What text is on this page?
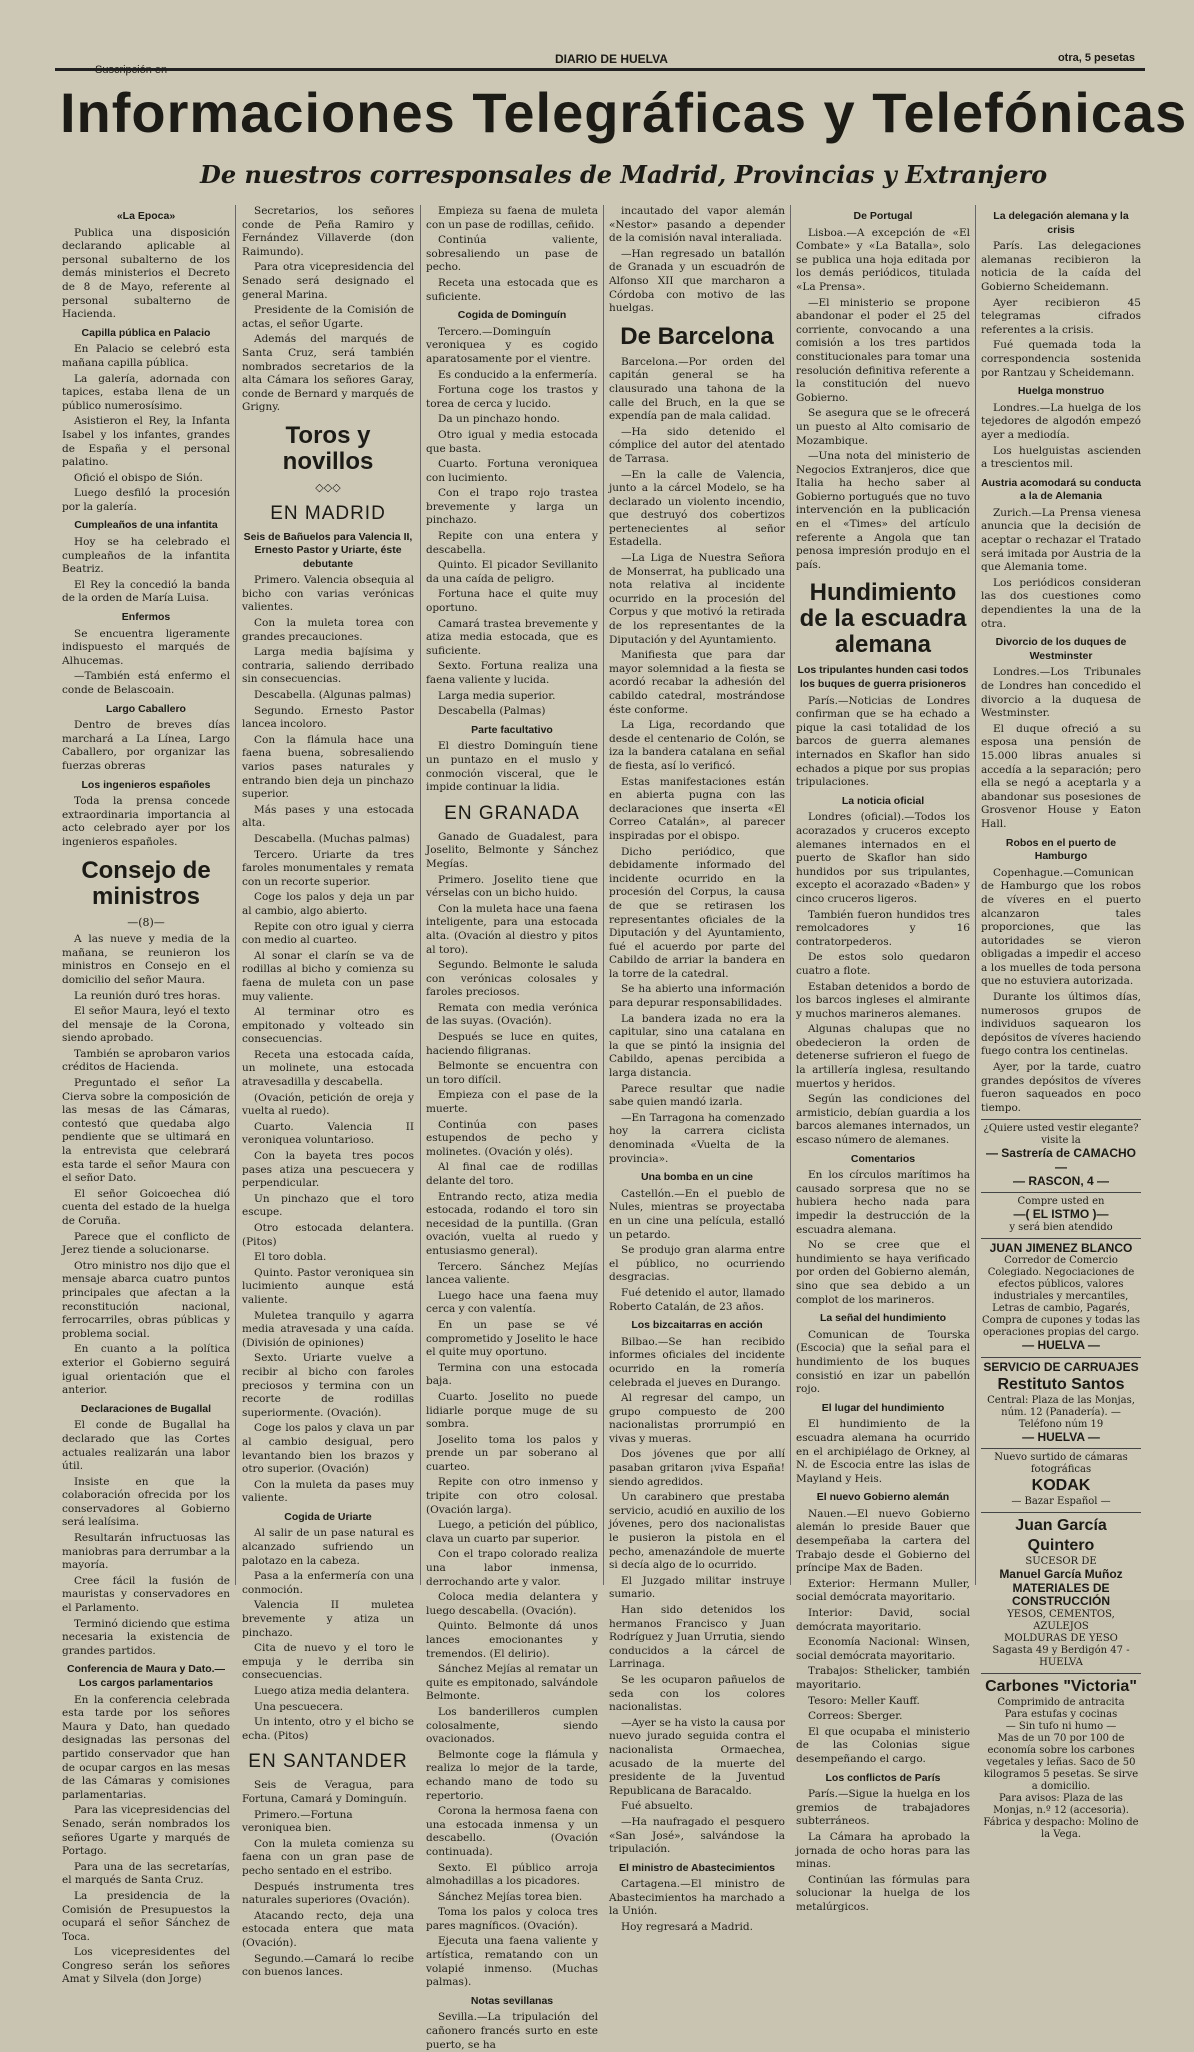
Suscripción en
DIARIO DE HUELVA	otra, 5 pesetas
Informaciones Telegráficas y Telefónicas
De nuestros corresponsales de Madrid, Provincias y Extranjero
«La Epoca»

Publica una disposición declarando aplicable al personal subalterno de los demás ministerios el Decreto de 8 de Mayo, referente al personal subalterno de Hacienda.

Capilla pública en Palacio

En Palacio se celebró esta mañana capilla pública.

La galería, adornada con tapices, estaba llena de un público numerosísimo.

Asistieron el Rey, la Infanta Isabel y los infantes, grandes de España y el personal palatino.

Ofició el obispo de Sión.

Luego desfiló la procesión por la galería.

Cumpleaños de una infantita

Hoy se ha celebrado el cumpleaños de la infantita Beatriz.

El Rey la concedió la banda de la orden de María Luisa.

Enfermos

Se encuentra ligeramente indispuesto el marqués de Alhucemas.

—También está enfermo el conde de Belascoain.

Largo Caballero

Dentro de breves días marchará a La Línea, Largo Caballero, por organizar las fuerzas obreras

Los ingenieros españoles

Toda la prensa concede extraordinaria importancia al acto celebrado ayer por los ingenieros españoles.

Consejo de ministros
—(8)—

A las nueve y media de la mañana, se reunieron los ministros en Consejo en el domicilio del señor Maura.

La reunión duró tres horas.

El señor Maura, leyó el texto del mensaje de la Corona, siendo aprobado.

También se aprobaron varios créditos de Hacienda.

Preguntado el señor La Cierva sobre la composición de las mesas de las Cámaras, contestó que quedaba algo pendiente que se ultimará en la entrevista que celebrará esta tarde el señor Maura con el señor Dato.

El señor Goicoechea dió cuenta del estado de la huelga de Coruña.

Parece que el conflicto de Jerez tiende a solucionarse.

Otro ministro nos dijo que el mensaje abarca cuatro puntos principales que afectan a la reconstitución nacional, ferrocarriles, obras públicas y problema social.

En cuanto a la política exterior el Gobierno seguirá igual orientación que el anterior.

Declaraciones de Bugallal

El conde de Bugallal ha declarado que las Cortes actuales realizarán una labor útil.

Insiste en que la colaboración ofrecida por los conservadores al Gobierno será lealísima.

Resultarán infructuosas las maniobras para derrumbar a la mayoría.

Cree fácil la fusión de mauristas y conservadores en el Parlamento.

Terminó diciendo que estima necesaria la existencia de grandes partidos.

Conferencia de Maura y Dato.— Los cargos parlamentarios

En la conferencia celebrada esta tarde por los señores Maura y Dato, han quedado designadas las personas del partido conservador que han de ocupar cargos en las mesas de las Cámaras y comisiones parlamentarias.

Para las vicepresidencias del Senado, serán nombrados los señores Ugarte y marqués de Portago.

Para una de las secretarías, el marqués de Santa Cruz.

La presidencia de la Comisión de Presupuestos la ocupará el señor Sánchez de Toca.

Los vicepresidentes del Congreso serán los señores Amat y Silvela (don Jorge)

Secretarios, los señores conde de Peña Ramiro y Fernández Villaverde (don Raimundo).

Para otra vicepresidencia del Senado será designado el general Marina.

Presidente de la Comisión de actas, el señor Ugarte.

Además del marqués de Santa Cruz, será también nombrados secretarios de la alta Cámara los señores Garay, conde de Bernard y marqués de Grigny.

Toros y novillos
◇◇◇
EN MADRID
Seis de Bañuelos para Valencia II, Ernesto Pastor y Uriarte, éste debutante

Primero. Valencia obsequia al bicho con varias verónicas valientes.

Con la muleta torea con grandes precauciones.

Larga media bajísima y contraria, saliendo derribado sin consecuencias.

Descabella. (Algunas palmas)

Segundo. Ernesto Pastor lancea incoloro.

Con la flámula hace una faena buena, sobresaliendo varios pases naturales y entrando bien deja un pinchazo superior.

Más pases y una estocada alta.

Descabella. (Muchas palmas)

Tercero. Uriarte da tres faroles monumentales y remata con un recorte superior.

Coge los palos y deja un par al cambio, algo abierto.

Repite con otro igual y cierra con medio al cuarteo.

Al sonar el clarín se va de rodillas al bicho y comienza su faena de muleta con un pase muy valiente.

Al terminar otro es empitonado y volteado sin consecuencias.

Receta una estocada caída, un molinete, una estocada atravesadilla y descabella.

(Ovación, petición de oreja y vuelta al ruedo).

Cuarto. Valencia II veroniquea voluntarioso.

Con la bayeta tres pocos pases atiza una pescuecera y perpendicular.

Un pinchazo que el toro escupe.

Otro estocada delantera. (Pitos)

El toro dobla.

Quinto. Pastor veroniquea sin lucimiento aunque está valiente.

Muletea tranquilo y agarra media atravesada y una caída. (División de opiniones)

Sexto. Uriarte vuelve a recibir al bicho con faroles preciosos y termina con un recorte de rodillas superiormente. (Ovación).

Coge los palos y clava un par al cambio desigual, pero levantando bien los brazos y otro superior. (Ovación)

Con la muleta da pases muy valiente.

Cogida de Uriarte

Al salir de un pase natural es alcanzado sufriendo un palotazo en la cabeza.

Pasa a la enfermería con una conmoción.

Valencia II muletea brevemente y atiza un pinchazo.

Cita de nuevo y el toro le empuja y le derriba sin consecuencias.

Luego atiza media delantera.

Una pescuecera.

Un intento, otro y el bicho se echa. (Pitos)

EN SANTANDER

Seis de Veragua, para Fortuna, Camará y Dominguín.

Primero.—Fortuna veroniquea bien.

Con la muleta comienza su faena con un gran pase de pecho sentado en el estribo.

Después instrumenta tres naturales superiores (Ovación).

Atacando recto, deja una estocada entera que mata (Ovación).

Segundo.—Camará lo recibe con buenos lances.

Empieza su faena de muleta con un pase de rodillas, ceñido.

Continúa valiente, sobresaliendo un pase de pecho.

Receta una estocada que es suficiente.

Cogida de Dominguín

Tercero.—Dominguín veroniquea y es cogido aparatosamente por el vientre.

Es conducido a la enfermería.

Fortuna coge los trastos y torea de cerca y lucido.

Da un pinchazo hondo.

Otro igual y media estocada que basta.

Cuarto. Fortuna veroniquea con lucimiento.

Con el trapo rojo trastea brevemente y larga un pinchazo.

Repite con una entera y descabella.

Quinto. El picador Sevillanito da una caída de peligro.

Fortuna hace el quite muy oportuno.

Camará trastea brevemente y atiza media estocada, que es suficiente.

Sexto. Fortuna realiza una faena valiente y lucida.

Larga media superior.

Descabella (Palmas)

Parte facultativo

El diestro Dominguín tiene un puntazo en el muslo y conmoción visceral, que le impide continuar la lidia.

EN GRANADA

Ganado de Guadalest, para Joselito, Belmonte y Sánchez Megías.

Primero. Joselito tiene que vérselas con un bicho huido.

Con la muleta hace una faena inteligente, para una estocada alta. (Ovación al diestro y pitos al toro).

Segundo. Belmonte le saluda con verónicas colosales y faroles preciosos.

Remata con media verónica de las suyas. (Ovación).

Después se luce en quites, haciendo filigranas.

Belmonte se encuentra con un toro difícil.

Empieza con el pase de la muerte.

Continúa con pases estupendos de pecho y molinetes. (Ovación y olés).

Al final cae de rodillas delante del toro.

Entrando recto, atiza media estocada, rodando el toro sin necesidad de la puntilla. (Gran ovación, vuelta al ruedo y entusiasmo general).

Tercero. Sánchez Mejías lancea valiente.

Luego hace una faena muy cerca y con valentía.

En un pase se vé comprometido y Joselito le hace el quite muy oportuno.

Termina con una estocada baja.

Cuarto. Joselito no puede lidiarle porque muge de su sombra.

Joselito toma los palos y prende un par soberano al cuarteo.

Repite con otro inmenso y tripite con otro colosal. (Ovación larga).

Luego, a petición del público, clava un cuarto par superior.

Con el trapo colorado realiza una labor inmensa, derrochando arte y valor.

Coloca media delantera y luego descabella. (Ovación).

Quinto. Belmonte dá unos lances emocionantes y tremendos. (El delirio).

Sánchez Mejías al rematar un quite es empitonado, salvándole Belmonte.

Los banderilleros cumplen colosalmente, siendo ovacionados.

Belmonte coge la flámula y realiza lo mejor de la tarde, echando mano de todo su repertorio.

Corona la hermosa faena con una estocada inmensa y un descabello. (Ovación continuada).

Sexto. El público arroja almohadillas a los picadores.

Sánchez Mejías torea bien.

Toma los palos y coloca tres pares magníficos. (Ovación).

Ejecuta una faena valiente y artística, rematando con un volapié inmenso. (Muchas palmas).

Notas sevillanas

Sevilla.—La tripulación del cañonero francés surto en este puerto, se ha

incautado del vapor alemán «Nestor» pasando a depender de la comisión naval interaliada.

—Han regresado un batallón de Granada y un escuadrón de Alfonso XII que marcharon a Córdoba con motivo de las huelgas.

De Barcelona

Barcelona.—Por orden del capitán general se ha clausurado una tahona de la calle del Bruch, en la que se expendía pan de mala calidad.

—Ha sido detenido el cómplice del autor del atentado de Tarrasa.

—En la calle de Valencia, junto a la cárcel Modelo, se ha declarado un violento incendio, que destruyó dos cobertizos pertenecientes al señor Estadella.

—La Liga de Nuestra Señora de Monserrat, ha publicado una nota relativa al incidente ocurrido en la procesión del Corpus y que motivó la retirada de los representantes de la Diputación y del Ayuntamiento.

Manifiesta que para dar mayor solemnidad a la fiesta se acordó recabar la adhesión del cabildo catedral, mostrándose éste conforme.

La Liga, recordando que desde el centenario de Colón, se iza la bandera catalana en señal de fiesta, así lo verificó.

Estas manifestaciones están en abierta pugna con las declaraciones que inserta «El Correo Catalán», al parecer inspiradas por el obispo.

Dicho periódico, que debidamente informado del incidente ocurrido en la procesión del Corpus, la causa de que se retirasen los representantes oficiales de la Diputación y del Ayuntamiento, fué el acuerdo por parte del Cabildo de arriar la bandera en la torre de la catedral.

Se ha abierto una información para depurar responsabilidades.

La bandera izada no era la capitular, sino una catalana en la que se pintó la insignia del Cabildo, apenas percibida a larga distancia.

Parece resultar que nadie sabe quien mandó izarla.

—En Tarragona ha comenzado hoy la carrera ciclista denominada «Vuelta de la provincia».

Una bomba en un cine

Castellón.—En el pueblo de Nules, mientras se proyectaba en un cine una película, estalló un petardo.

Se produjo gran alarma entre el público, no ocurriendo desgracias.

Fué detenido el autor, llamado Roberto Catalán, de 23 años.

Los bizcaitarras en acción

Bilbao.—Se han recibido informes oficiales del incidente ocurrido en la romería celebrada el jueves en Durango.

Al regresar del campo, un grupo compuesto de 200 nacionalistas prorrumpió en vivas y mueras.

Dos jóvenes que por allí pasaban gritaron ¡viva España! siendo agredidos.

Un carabinero que prestaba servicio, acudió en auxilio de los jóvenes, pero dos nacionalistas le pusieron la pistola en el pecho, amenazándole de muerte si decía algo de lo ocurrido.

El Juzgado militar instruye sumario.

Han sido detenidos los hermanos Francisco y Juan Rodríguez y Juan Urrutia, siendo conducidos a la cárcel de Larrinaga.

Se les ocuparon pañuelos de seda con los colores nacionalistas.

—Ayer se ha visto la causa por nuevo jurado seguida contra el nacionalista Ormaechea, acusado de la muerte del presidente de la Juventud Republicana de Baracaldo.

Fué absuelto.

—Ha naufragado el pesquero «San José», salvándose la tripulación.

El ministro de Abastecimientos

Cartagena.—El ministro de Abastecimientos ha marchado a la Unión.

Hoy regresará a Madrid.

De Portugal

Lisboa.—A excepción de «El Combate» y «La Batalla», solo se publica una hoja editada por los demás periódicos, titulada «La Prensa».

—El ministerio se propone abandonar el poder el 25 del corriente, convocando a una comisión a los tres partidos constitucionales para tomar una resolución definitiva referente a la constitución del nuevo Gobierno.

Se asegura que se le ofrecerá un puesto al Alto comisario de Mozambique.

—Una nota del ministerio de Negocios Extranjeros, dice que Italia ha hecho saber al Gobierno portugués que no tuvo intervención en la publicación en el «Times» del artículo referente a Angola que tan penosa impresión produjo en el país.

Hundimiento de la escuadra alemana
Los tripulantes hunden casi todos los buques de guerra prisioneros

París.—Noticias de Londres confirman que se ha echado a pique la casi totalidad de los barcos de guerra alemanes internados en Skaflor han sido echados a pique por sus propias tripulaciones.

La noticia oficial

Londres (oficial).—Todos los acorazados y cruceros excepto alemanes internados en el puerto de Skaflor han sido hundidos por sus tripulantes, excepto el acorazado «Baden» y cinco cruceros ligeros.

También fueron hundidos tres remolcadores y 16 contratorpederos.

De estos solo quedaron cuatro a flote.

Estaban detenidos a bordo de los barcos ingleses el almirante y muchos marineros alemanes.

Algunas chalupas que no obedecieron la orden de detenerse sufrieron el fuego de la artillería inglesa, resultando muertos y heridos.

Según las condiciones del armisticio, debían guardia a los barcos alemanes internados, un escaso número de alemanes.

Comentarios

En los círculos marítimos ha causado sorpresa que no se hubiera hecho nada para impedir la destrucción de la escuadra alemana.

No se cree que el hundimiento se haya verificado por orden del Gobierno alemán, sino que sea debido a un complot de los marineros.

La señal del hundimiento

Comunican de Tourska (Escocia) que la señal para el hundimiento de los buques consistió en izar un pabellón rojo.

El lugar del hundimiento

El hundimiento de la escuadra alemana ha ocurrido en el archipiélago de Orkney, al N. de Escocia entre las islas de Mayland y Heis.

El nuevo Gobierno alemán

Nauen.—El nuevo Gobierno alemán lo preside Bauer que desempeñaba la cartera del Trabajo desde el Gobierno del príncipe Max de Baden.

Exterior: Hermann Muller, social demócrata mayoritario.

Interior: David, social demócrata mayoritario.

Economía Nacional: Winsen, social demócrata mayoritario.

Trabajos: Sthelicker, también mayoritario.

Tesoro: Meller Kauff.

Correos: Sberger.

El que ocupaba el ministerio de las Colonias sigue desempeñando el cargo.

Los conflictos de París

París.—Sigue la huelga en los gremios de trabajadores subterráneos.

La Cámara ha aprobado la jornada de ocho horas para las minas.

Continúan las fórmulas para solucionar la huelga de los metalúrgicos.

La delegación alemana y la crisis

París. Las delegaciones alemanas recibieron la noticia de la caída del Gobierno Scheidemann.

Ayer recibieron 45 telegramas cifrados referentes a la crisis.

Fué quemada toda la correspondencia sostenida por Rantzau y Scheidemann.

Huelga monstruo

Londres.—La huelga de los tejedores de algodón empezó ayer a mediodía.

Los huelguistas ascienden a trescientos mil.

Austria acomodará su conducta a la de Alemania

Zurich.—La Prensa vienesa anuncia que la decisión de aceptar o rechazar el Tratado será imitada por Austria de la que Alemania tome.

Los periódicos consideran las dos cuestiones como dependientes la una de la otra.

Divorcio de los duques de Westminster

Londres.—Los Tribunales de Londres han concedido el divorcio a la duquesa de Westminster.

El duque ofreció a su esposa una pensión de 15.000 libras anuales si accedía a la separación; pero ella se negó a aceptarla y a abandonar sus posesiones de Grosvenor House y Eaton Hall.

Robos en el puerto de Hamburgo

Copenhague.—Comunican de Hamburgo que los robos de víveres en el puerto alcanzaron tales proporciones, que las autoridades se vieron obligadas a impedir el acceso a los muelles de toda persona que no estuviera autorizada.

Durante los últimos días, numerosos grupos de individuos saquearon los depósitos de víveres haciendo fuego contra los centinelas.

Ayer, por la tarde, cuatro grandes depósitos de víveres fueron saqueados en poco tiempo.

¿Quiere usted vestir elegante?
visite la
— Sastrería de CAMACHO —
— RASCON, 4 —
Compre usted en
—( EL ISTMO )—
y será bien atendido
JUAN JIMENEZ BLANCO
Corredor de Comercio Colegiado. Negociaciones de efectos públicos, valores industriales y mercantiles, Letras de cambio, Pagarés, Compra de cupones y todas las operaciones propias del cargo.
— HUELVA —
SERVICIO DE CARRUAJES
Restituto Santos
Central: Plaza de las Monjas, núm. 12 (Panadería). — Teléfono núm 19
— HUELVA —
Nuevo surtido de cámaras fotográficas
KODAK
— Bazar Español —
Juan García Quintero
SUCESOR DE
Manuel García Muñoz
MATERIALES DE CONSTRUCCIÓN
YESOS, CEMENTOS, AZULEJOS
MOLDURAS DE YESO
Sagasta 49 y Berdigón 47 - HUELVA
Carbones "Victoria"
Comprimido de antracita
Para estufas y cocinas
— Sin tufo ni humo —
Mas de un 70 por 100 de economía sobre los carbones vegetales y leñas. Saco de 50 kilogramos 5 pesetas. Se sirve a domicilio.
Para avisos: Plaza de las Monjas, n.º 12 (accesoria). Fábrica y despacho: Molino de la Vega.
